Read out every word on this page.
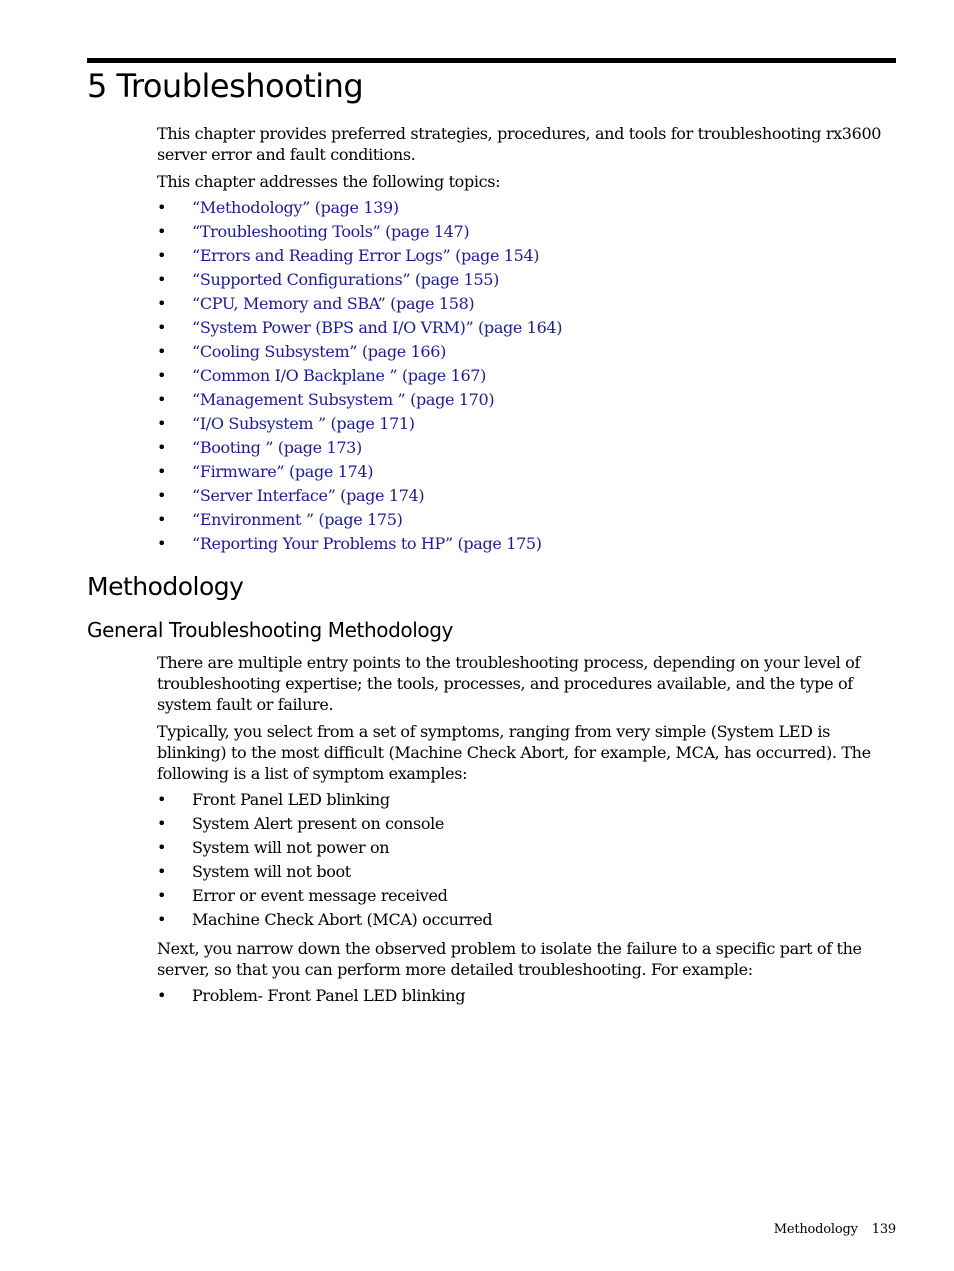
5 Troubleshooting

This chapter provides preferred strategies, procedures, and tools for troubleshooting rx3600 server error and fault conditions.

This chapter addresses the following topics:

• “Methodology” (page 139)
• “Troubleshooting Tools” (page 147)
• “Errors and Reading Error Logs” (page 154)
• “Supported Configurations” (page 155)
• “CPU, Memory and SBA” (page 158)
• “System Power (BPS and I/O VRM)” (page 164)
• “Cooling Subsystem” (page 166)
• “Common I/O Backplane ” (page 167)
• “Management Subsystem ” (page 170)
• “I/O Subsystem ” (page 171)
• “Booting ” (page 173)
• “Firmware” (page 174)
• “Server Interface” (page 174)
• “Environment ” (page 175)
• “Reporting Your Problems to HP” (page 175)
Methodology
General Troubleshooting Methodology

There are multiple entry points to the troubleshooting process, depending on your level of troubleshooting expertise; the tools, processes, and procedures available, and the type of system fault or failure.

Typically, you select from a set of symptoms, ranging from very simple (System LED is blinking) to the most difficult (Machine Check Abort, for example, MCA, has occurred). The following is a list of symptom examples:

• Front Panel LED blinking
• System Alert present on console
• System will not power on
• System will not boot
• Error or event message received
• Machine Check Abort (MCA) occurred

Next, you narrow down the observed problem to isolate the failure to a specific part of the server, so that you can perform more detailed troubleshooting. For example:

• Problem- Front Panel LED blinking
Methodology 139
